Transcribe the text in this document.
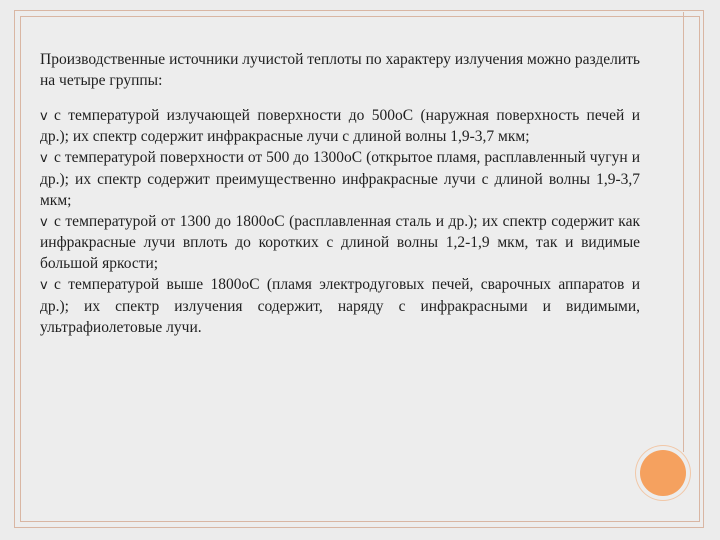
Производственные источники лучистой теплоты по характеру излучения можно разделить на четыре группы:

v с температурой излучающей поверхности до 500оС (наружная поверхность печей и др.); их спектр содержит инфракрасные лучи с длиной волны 1,9-3,7 мкм;

v с температурой поверхности от 500 до 1300оС (открытое пламя, расплавленный чугун и др.); их спектр содержит преимущественно инфракрасные лучи с длиной волны 1,9-3,7 мкм;

v с температурой от 1300 до 1800оС (расплавленная сталь и др.); их спектр содержит как инфракрасные лучи вплоть до коротких с длиной волны 1,2-1,9 мкм, так и видимые большой яркости;

v с температурой выше 1800оС (пламя электродуговых печей, сварочных аппаратов и др.); их спектр излучения содержит, наряду с инфракрасными и видимыми, ультрафиолетовые лучи.
